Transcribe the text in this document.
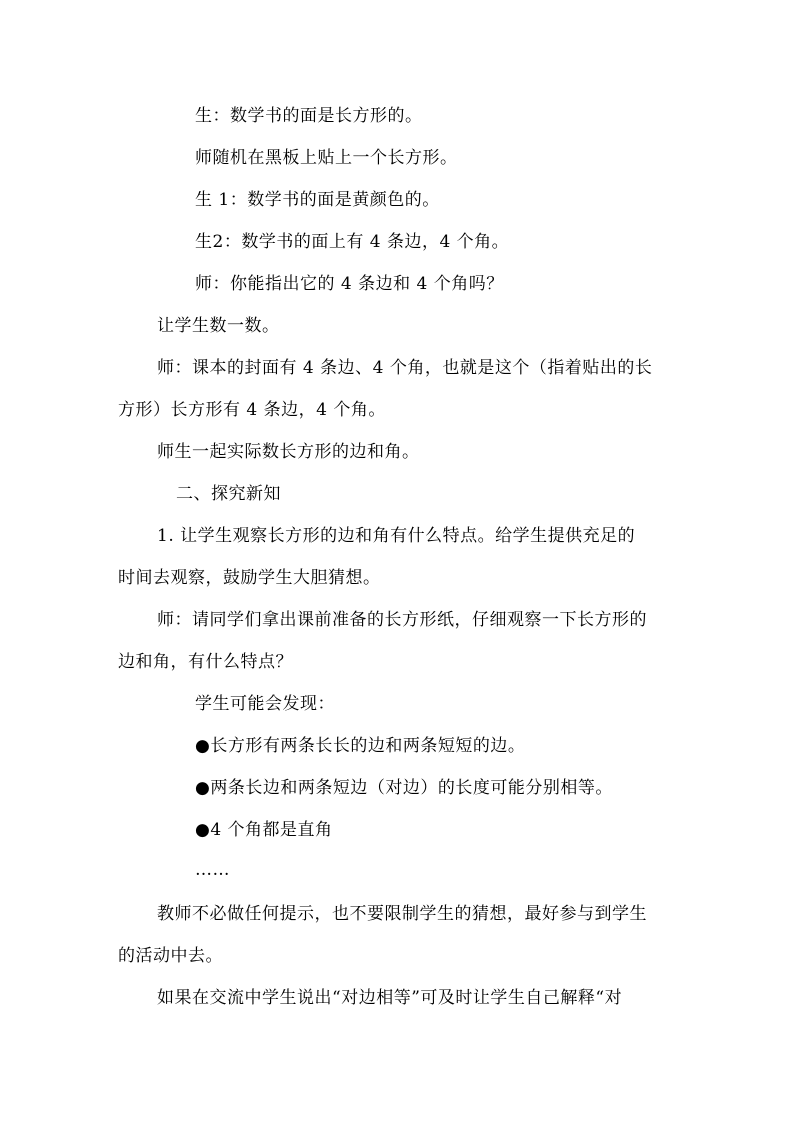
生：数学书的面是长方形的。
师随机在黑板上贴上一个长方形。
生 1：数学书的面是黄颜色的。
生2：数学书的面上有 4 条边，4 个角。
师：你能指出它的 4 条边和 4 个角吗？
让学生数一数。
师：课本的封面有 4 条边、4 个角，也就是这个（指着贴出的长
方形）长方形有 4 条边，4 个角。
师生一起实际数长方形的边和角。
二、探究新知
1. 让学生观察长方形的边和角有什么特点。给学生提供充足的
时间去观察，鼓励学生大胆猜想。
师：请同学们拿出课前准备的长方形纸，仔细观察一下长方形的
边和角，有什么特点？
学生可能会发现：
●长方形有两条长长的边和两条短短的边。
●两条长边和两条短边（对边）的长度可能分别相等。
●4 个角都是直角
……
教师不必做任何提示，也不要限制学生的猜想，最好参与到学生
的活动中去。
如果在交流中学生说出“对边相等”可及时让学生自己解释“对
